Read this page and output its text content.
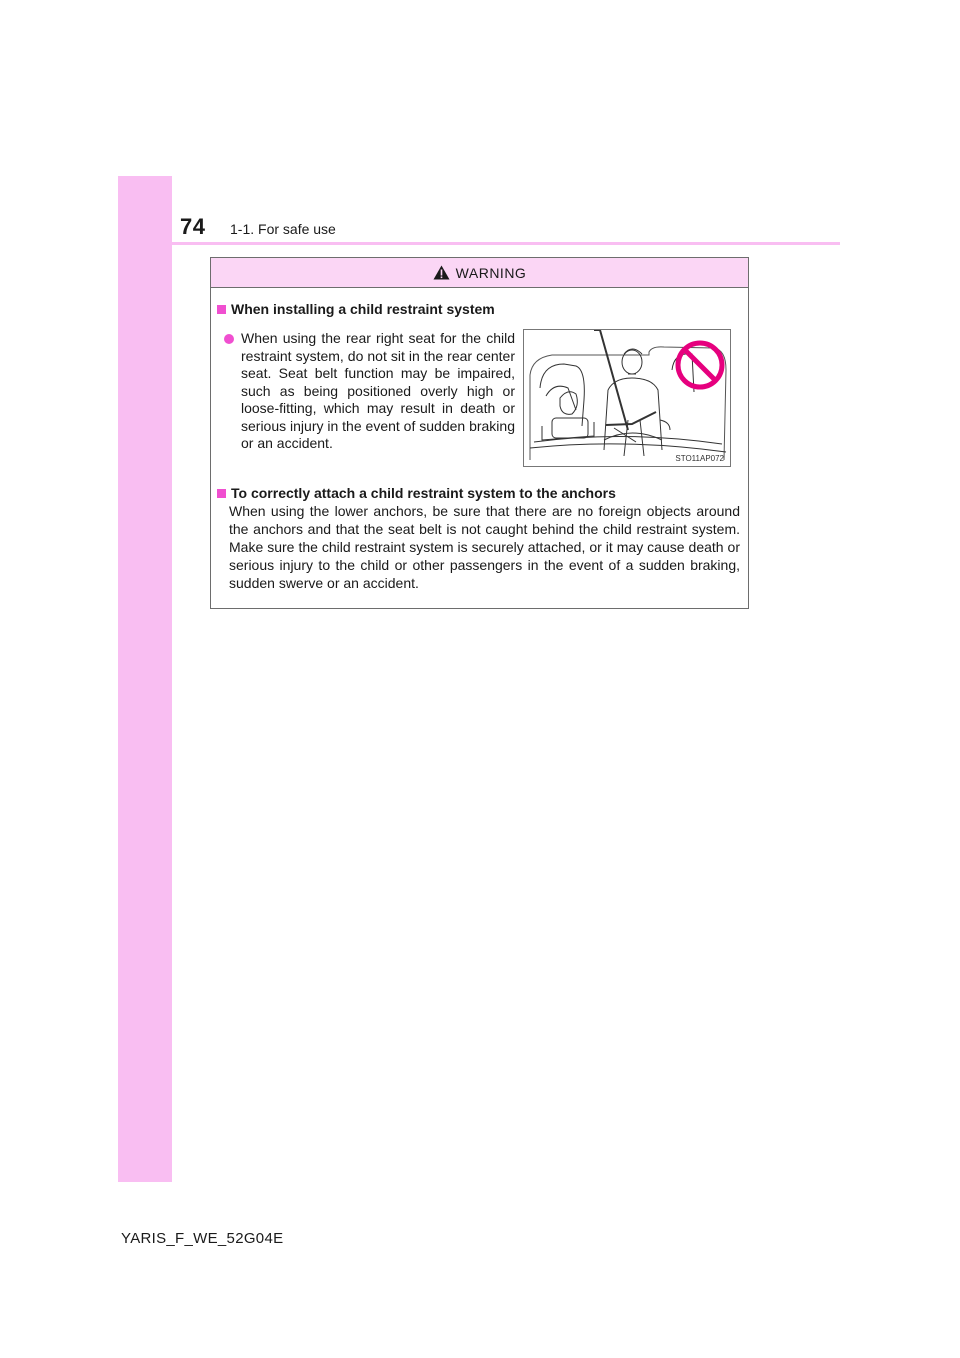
74 1-1. For safe use
WARNING
When installing a child restraint system
When using the rear right seat for the child restraint system, do not sit in the rear center seat. Seat belt function may be impaired, such as being positioned overly high or loose-fitting, which may result in death or serious injury in the event of sudden braking or an accident.
STO11AP072
To correctly attach a child restraint system to the anchors
When using the lower anchors, be sure that there are no foreign objects around the anchors and that the seat belt is not caught behind the child restraint system. Make sure the child restraint system is securely attached, or it may cause death or serious injury to the child or other passengers in the event of a sudden braking, sudden swerve or an accident.
YARIS_F_WE_52G04E
